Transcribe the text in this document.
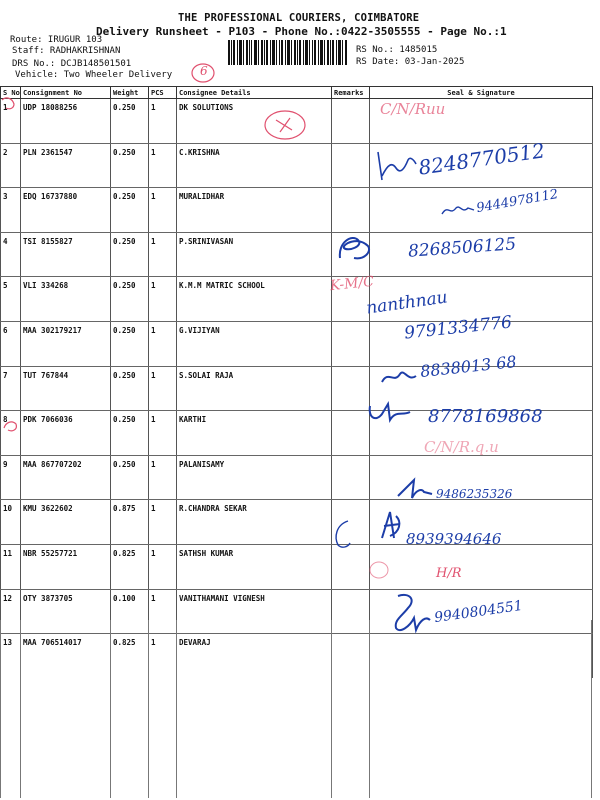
THE PROFESSIONAL COURIERS, COIMBATORE
Delivery Runsheet - P103 - Phone No.:0422-3505555 - Page No.:1
Route: IRUGUR 103
Staff: RADHAKRISHNAN
DRS No.: DCJB148501501
Vehicle: Two Wheeler Delivery
RS No.: 1485015
RS Date: 03-Jan-2025
6
S No	Consignment No	Weight	PCS	Consignee Details	Remarks	Seal & Signature
1	UDP 18088256	0.250	1	DK SOLUTIONS		
2	PLN 2361547	0.250	1	C.KRISHNA		
3	EDQ 16737880	0.250	1	MURALIDHAR		
4	TSI 8155827	0.250	1	P.SRINIVASAN		
5	VLI 334268	0.250	1	K.M.M MATRIC SCHOOL		
6	MAA 302179217	0.250	1	G.VIJIYAN		
7	TUT 767844	0.250	1	S.SOLAI RAJA		
8	PDK 7066036	0.250	1	KARTHI		
9	MAA 867707202	0.250	1	PALANISAMY		
10	KMU 3622602	0.875	1	R.CHANDRA SEKAR		
11	NBR 55257721	0.825	1	SATHSH KUMAR		
12	OTY 3873705	0.100	1	VANITHAMANI VIGNESH		
13	MAA 706514017	0.825	1	DEVARAJ		
C/N/Ruu
8248770512
9444978112
8268506125
K-M/C
nanthnau
9791334776
8838013 68
8778169868
C/N/R.q.u
9486235326
8939394646
H/R
9940804551
